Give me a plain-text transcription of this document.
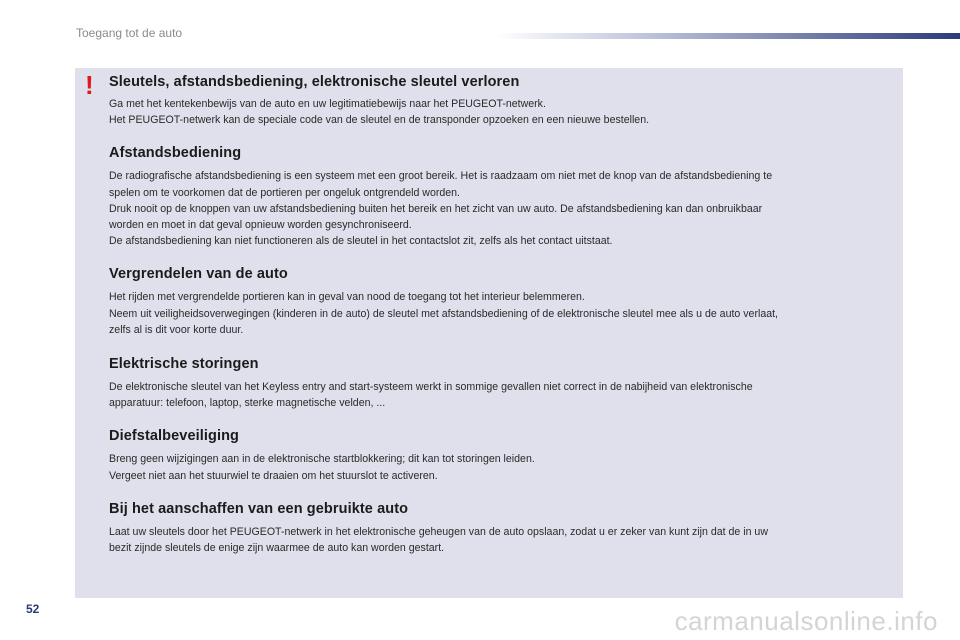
Toegang tot de auto
! Sleutels, afstandsbediening, elektronische sleutel verloren

Ga met het kentekenbewijs van de auto en uw legitimatiebewijs naar het PEUGEOT-netwerk.
Het PEUGEOT-netwerk kan de speciale code van de sleutel en de transponder opzoeken en een nieuwe bestellen.

Afstandsbediening

De radiografische afstandsbediening is een systeem met een groot bereik. Het is raadzaam om niet met de knop van de afstandsbediening te
spelen om te voorkomen dat de portieren per ongeluk ontgrendeld worden.
Druk nooit op de knoppen van uw afstandsbediening buiten het bereik en het zicht van uw auto. De afstandsbediening kan dan onbruikbaar
worden en moet in dat geval opnieuw worden gesynchroniseerd.
De afstandsbediening kan niet functioneren als de sleutel in het contactslot zit, zelfs als het contact uitstaat.

Vergrendelen van de auto

Het rijden met vergrendelde portieren kan in geval van nood de toegang tot het interieur belemmeren.
Neem uit veiligheidsoverwegingen (kinderen in de auto) de sleutel met afstandsbediening of de elektronische sleutel mee als u de auto verlaat,
zelfs al is dit voor korte duur.

Elektrische storingen

De elektronische sleutel van het Keyless entry and start-systeem werkt in sommige gevallen niet correct in de nabijheid van elektronische
apparatuur: telefoon, laptop, sterke magnetische velden, ...

Diefstalbeveiliging

Breng geen wijzigingen aan in de elektronische startblokkering; dit kan tot storingen leiden.
Vergeet niet aan het stuurwiel te draaien om het stuurslot te activeren.

Bij het aanschaffen van een gebruikte auto

Laat uw sleutels door het PEUGEOT-netwerk in het elektronische geheugen van de auto opslaan, zodat u er zeker van kunt zijn dat de in uw
bezit zijnde sleutels de enige zijn waarmee de auto kan worden gestart.

52	carmanualsonline.info
